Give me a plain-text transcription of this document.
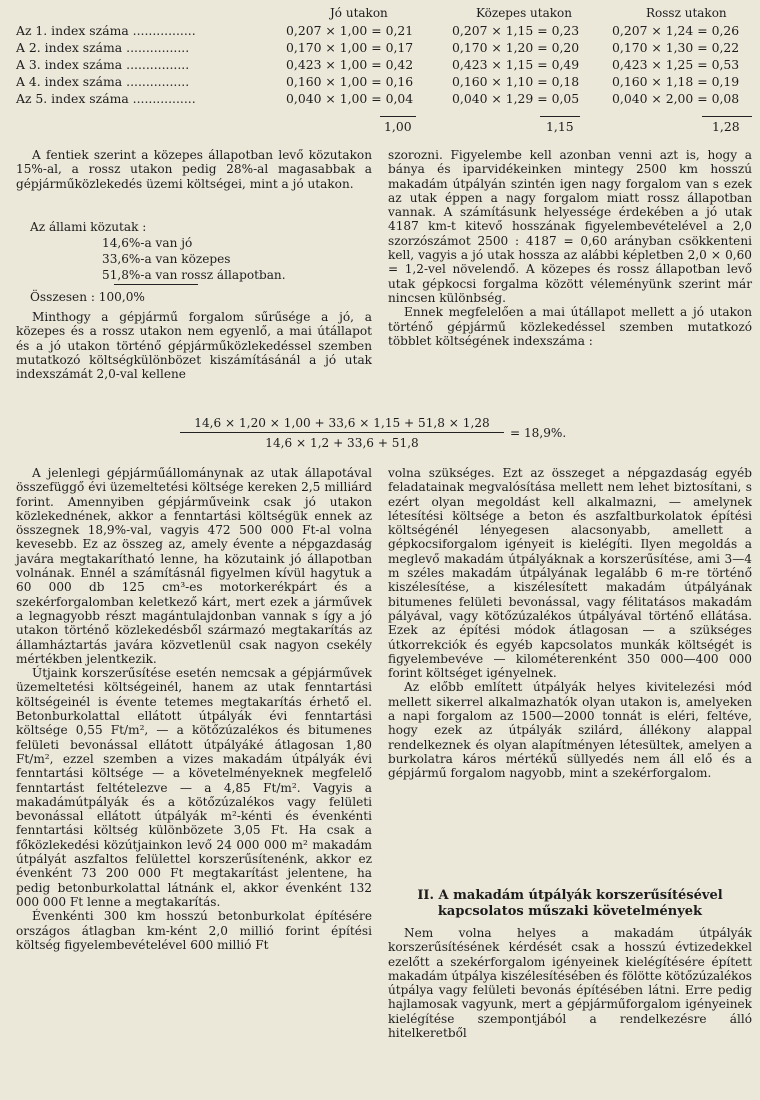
Jó utakon	Közepes utakon	Rossz utakon
Az 1. index száma ................	0,207 × 1,00 = 0,21	0,207 × 1,15 = 0,23	0,207 × 1,24 = 0,26
A 2. index száma ................	0,170 × 1,00 = 0,17	0,170 × 1,20 = 0,20	0,170 × 1,30 = 0,22
A 3. index száma ................	0,423 × 1,00 = 0,42	0,423 × 1,15 = 0,49	0,423 × 1,25 = 0,53
A 4. index száma ................	0,160 × 1,00 = 0,16	0,160 × 1,10 = 0,18	0,160 × 1,18 = 0,19
Az 5. index száma ................	0,040 × 1,00 = 0,04	0,040 × 1,29 = 0,05	0,040 × 2,00 = 0,08
1,00	1,15	1,28

A fentiek szerint a közepes állapotban levő közutakon 15%-al, a rossz utakon pedig 28%-al magasabbak a gépjárműközlekedés üzemi költségei, mint a jó utakon.

Az állami közutak :
14,6%-a van jó
33,6%-a van közepes
51,8%-a van rossz állapotban.
Összesen : 100,0%

Minthogy a gépjármű forgalom sűrűsége a jó, a közepes és a rossz utakon nem egyenlő, a mai útállapot és a jó utakon történő gépjárműközlekedéssel szemben mutatkozó költségkülönbözet kiszámításánál a jó utak indexszámát 2,0-val kellene

szorozni. Figyelembe kell azonban venni azt is, hogy a bánya és iparvidékeinken mintegy 2500 km hosszú makadám útpályán szintén igen nagy forgalom van s ezek az utak éppen a nagy forgalom miatt rossz állapotban vannak. A számításunk helyessége érdekében a jó utak 4187 km-t kitevő hosszának figyelembevételével a 2,0 szorzószámot 2500 : 4187 = 0,60 arányban csökkenteni kell, vagyis a jó utak hossza az alábbi képletben 2,0 × 0,60 = 1,2-vel növelendő. A közepes és rossz állapotban levő utak gépkocsi forgalma között véleményünk szerint már nincsen különbség.

Ennek megfelelően a mai útállapot mellett a jó utakon történő gépjármű közlekedéssel szemben mutatkozó többlet költségének indexszáma :

14,6 × 1,20 × 1,00 + 33,6 × 1,15 + 51,8 × 1,28
14,6 × 1,2 + 33,6 + 51,8
= 18,9%.

A jelenlegi gépjárműállománynak az utak állapotával összefüggő évi üzemeltetési költsége kereken 2,5 milliárd forint. Amennyiben gépjárműveink csak jó utakon közlekednének, akkor a fenntartási költségük ennek az összegnek 18,9%-val, vagyis 472 500 000 Ft-al volna kevesebb. Ez az összeg az, amely évente a népgazdaság javára megtakarítható lenne, ha közutaink jó állapotban volnának. Ennél a számításnál figyelmen kívül hagytuk a 60 000 db 125 cm³-es motorkerékpárt és a szekérforgalomban keletkező kárt, mert ezek a járművek a legnagyobb részt magántulajdonban vannak s így a jó utakon történő közlekedésből származó megtakarítás az államháztartás javára közvetlenül csak nagyon csekély mértékben jelentkezik.

Útjaink korszerűsítése esetén nemcsak a gépjárművek üzemeltetési költségeinél, hanem az utak fenntartási költségeinél is évente tetemes megtakarítás érhető el. Betonburkolattal ellátott útpályák évi fenntartási költsége 0,55 Ft/m², — a kötőzúzalékos és bitumenes felületi bevonással ellátott útpályáké átlagosan 1,80 Ft/m², ezzel szemben a vizes makadám útpályák évi fenntartási költsége — a követelményeknek megfelelő fenntartást feltételezve — a 4,85 Ft/m². Vagyis a makadámútpályák és a kötőzúzalékos vagy felületi bevonással ellátott útpályák m²-kénti és évenkénti fenntartási költség különbözete 3,05 Ft. Ha csak a főközlekedési közútjainkon levő 24 000 000 m² makadám útpályát aszfaltos felülettel korszerűsítenénk, akkor ez évenként 73 200 000 Ft megtakarítást jelentene, ha pedig betonburkolattal látnánk el, akkor évenként 132 000 000 Ft lenne a megtakarítás.

Évenkénti 300 km hosszú betonburkolat építésére országos átlagban km-ként 2,0 millió forint építési költség figyelembevételével 600 millió Ft

volna szükséges. Ezt az összeget a népgazdaság egyéb feladatainak megvalósítása mellett nem lehet biztosítani, s ezért olyan megoldást kell alkalmazni, — amelynek létesítési költsége a beton és aszfaltburkolatok építési költségénél lényegesen alacsonyabb, amellett a gépkocsiforgalom igényeit is kielégíti. Ilyen megoldás a meglevő makadám útpályáknak a korszerűsítése, ami 3—4 m széles makadám útpályának legalább 6 m-re történő kiszélesítése, a kiszélesített makadám útpályának bitumenes felületi bevonással, vagy félitatásos makadám pályával, vagy kötőzúzalékos útpályával történő ellátása. Ezek az építési módok átlagosan — a szükséges útkorrekciók és egyéb kapcsolatos munkák költségét is figyelembevéve — kilométerenként 350 000—400 000 forint költséget igényelnek.

Az előbb említett útpályák helyes kivitelezési mód mellett sikerrel alkalmazhatók olyan utakon is, amelyeken a napi forgalom az 1500—2000 tonnát is eléri, feltéve, hogy ezek az útpályák szilárd, állékony alappal rendelkeznek és olyan alapítményen létesültek, amelyen a burkolatra káros mértékű süllyedés nem áll elő és a gépjármű forgalom nagyobb, mint a szekérforgalom.

II. A makadám útpályák korszerűsítésével kapcsolatos műszaki követelmények

Nem volna helyes a makadám útpályák korszerűsítésének kérdését csak a hosszú évtizedekkel ezelőtt a szekérforgalom igényeinek kielégítésére épített makadám útpálya kiszélesítésében és fölötte kötőzúzalékos útpálya vagy felületi bevonás építésében látni. Erre pedig hajlamosak vagyunk, mert a gépjárműforgalom igényeinek kielégítése szempontjából a rendelkezésre álló hitelkeretből
